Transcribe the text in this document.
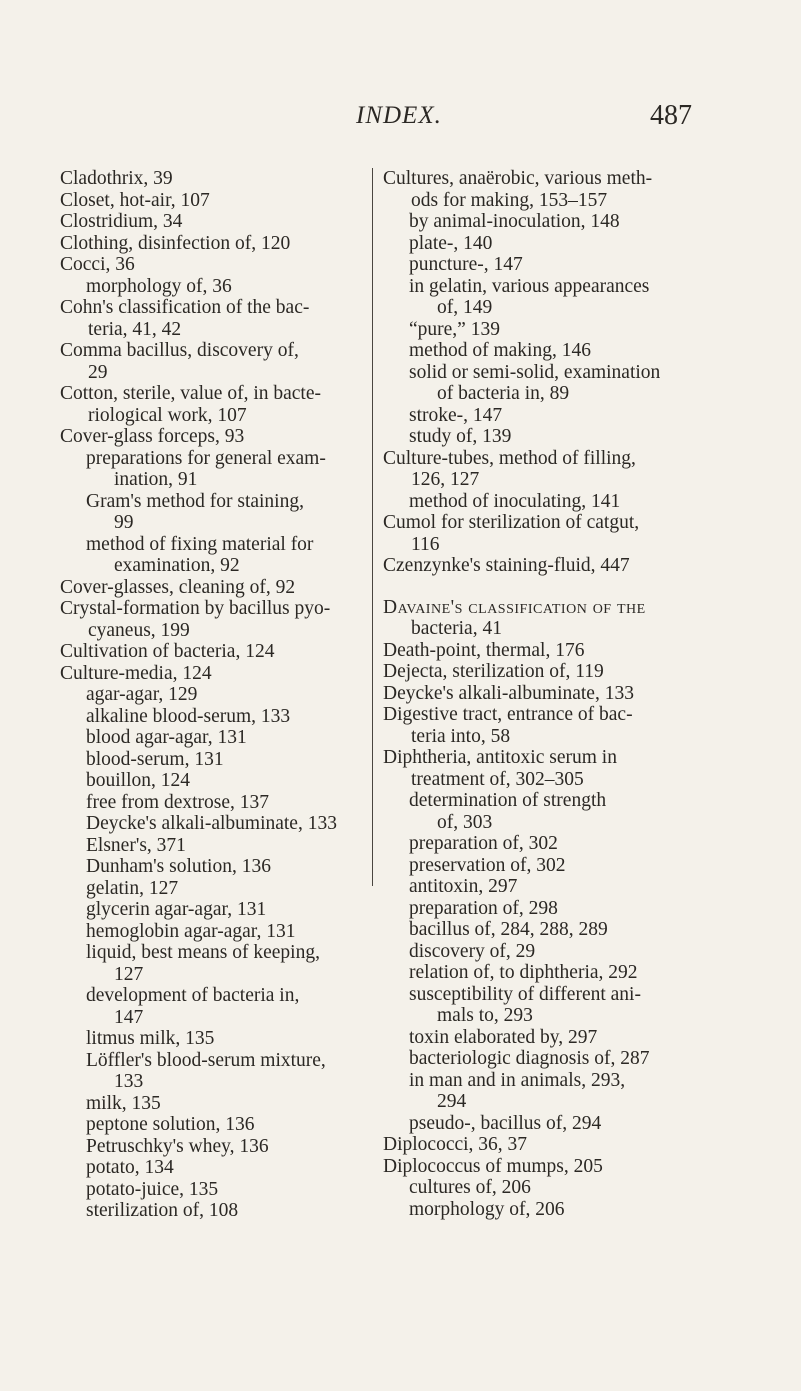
INDEX.	487
Cladothrix, 39
Closet, hot-air, 107
Clostridium, 34
Clothing, disinfection of, 120
Cocci, 36
morphology of, 36
Cohn's classification of the bac-
teria, 41, 42
Comma bacillus, discovery of,
29
Cotton, sterile, value of, in bacte-
riological work, 107
Cover-glass forceps, 93
preparations for general exam-
ination, 91
Gram's method for staining,
99
method of fixing material for
examination, 92
Cover-glasses, cleaning of, 92
Crystal-formation by bacillus pyo-
cyaneus, 199
Cultivation of bacteria, 124
Culture-media, 124
agar-agar, 129
alkaline blood-serum, 133
blood agar-agar, 131
blood-serum, 131
bouillon, 124
free from dextrose, 137
Deycke's alkali-albuminate, 133
Elsner's, 371
Dunham's solution, 136
gelatin, 127
glycerin agar-agar, 131
hemoglobin agar-agar, 131
liquid, best means of keeping,
127
development of bacteria in,
147
litmus milk, 135
Löffler's blood-serum mixture,
133
milk, 135
peptone solution, 136
Petruschky's whey, 136
potato, 134
potato-juice, 135
sterilization of, 108
Cultures, anaërobic, various meth-
ods for making, 153–157
by animal-inoculation, 148
plate-, 140
puncture-, 147
in gelatin, various appearances
of, 149
“pure,” 139
method of making, 146
solid or semi-solid, examination
of bacteria in, 89
stroke-, 147
study of, 139
Culture-tubes, method of filling,
126, 127
method of inoculating, 141
Cumol for sterilization of catgut,
116
Czenzynke's staining-fluid, 447
Davaine's classification of the
bacteria, 41
Death-point, thermal, 176
Dejecta, sterilization of, 119
Deycke's alkali-albuminate, 133
Digestive tract, entrance of bac-
teria into, 58
Diphtheria, antitoxic serum in
treatment of, 302–305
determination of strength
of, 303
preparation of, 302
preservation of, 302
antitoxin, 297
preparation of, 298
bacillus of, 284, 288, 289
discovery of, 29
relation of, to diphtheria, 292
susceptibility of different ani-
mals to, 293
toxin elaborated by, 297
bacteriologic diagnosis of, 287
in man and in animals, 293,
294
pseudo-, bacillus of, 294
Diplococci, 36, 37
Diplococcus of mumps, 205
cultures of, 206
morphology of, 206
